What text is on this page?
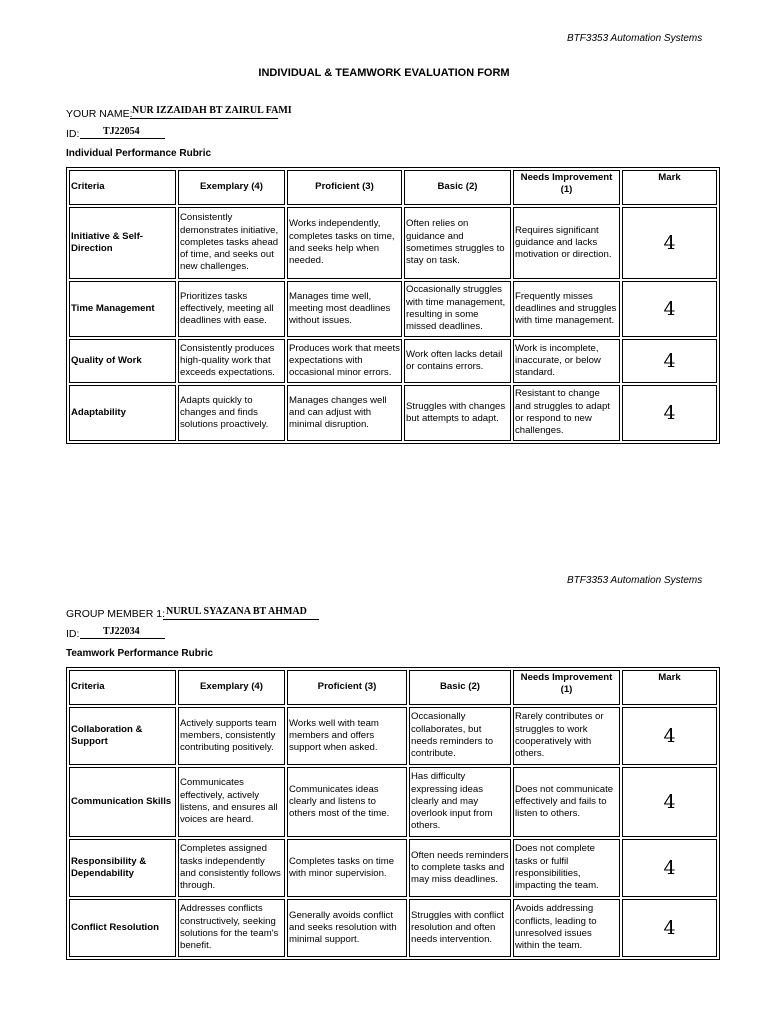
BTF3353 Automation Systems
INDIVIDUAL & TEAMWORK EVALUATION FORM
YOUR NAME: NUR IZZAIDAH BT ZAIRUL FAMI
ID: TJ22054
Individual Performance Rubric
Criteria	Exemplary (4)	Proficient (3)	Basic (2)	Needs Improvement (1)	Mark
Initiative & Self-Direction	Consistently demonstrates initiative, completes tasks ahead of time, and seeks out new challenges.	Works independently, completes tasks on time, and seeks help when needed.	Often relies on guidance and sometimes struggles to stay on task.	Requires significant guidance and lacks motivation or direction.	4
Time Management	Prioritizes tasks effectively, meeting all deadlines with ease.	Manages time well, meeting most deadlines without issues.	Occasionally struggles with time management, resulting in some missed deadlines.	Frequently misses deadlines and struggles with time management.	4
Quality of Work	Consistently produces high-quality work that exceeds expectations.	Produces work that meets expectations with occasional minor errors.	Work often lacks detail or contains errors.	Work is incomplete, inaccurate, or below standard.	4
Adaptability	Adapts quickly to changes and finds solutions proactively.	Manages changes well and can adjust with minimal disruption.	Struggles with changes but attempts to adapt.	Resistant to change and struggles to adapt or respond to new challenges.	4
BTF3353 Automation Systems
GROUP MEMBER 1: NURUL SYAZANA BT AHMAD
ID: TJ22034
Teamwork Performance Rubric
Criteria	Exemplary (4)	Proficient (3)	Basic (2)	Needs Improvement (1)	Mark
Collaboration & Support	Actively supports team members, consistently contributing positively.	Works well with team members and offers support when asked.	Occasionally collaborates, but needs reminders to contribute.	Rarely contributes or struggles to work cooperatively with others.	4
Communication Skills	Communicates effectively, actively listens, and ensures all voices are heard.	Communicates ideas clearly and listens to others most of the time.	Has difficulty expressing ideas clearly and may overlook input from others.	Does not communicate effectively and fails to listen to others.	4
Responsibility & Dependability	Completes assigned tasks independently and consistently follows through.	Completes tasks on time with minor supervision.	Often needs reminders to complete tasks and may miss deadlines.	Does not complete tasks or fulfil responsibilities, impacting the team.	4
Conflict Resolution	Addresses conflicts constructively, seeking solutions for the team's benefit.	Generally avoids conflict and seeks resolution with minimal support.	Struggles with conflict resolution and often needs intervention.	Avoids addressing conflicts, leading to unresolved issues within the team.	4
